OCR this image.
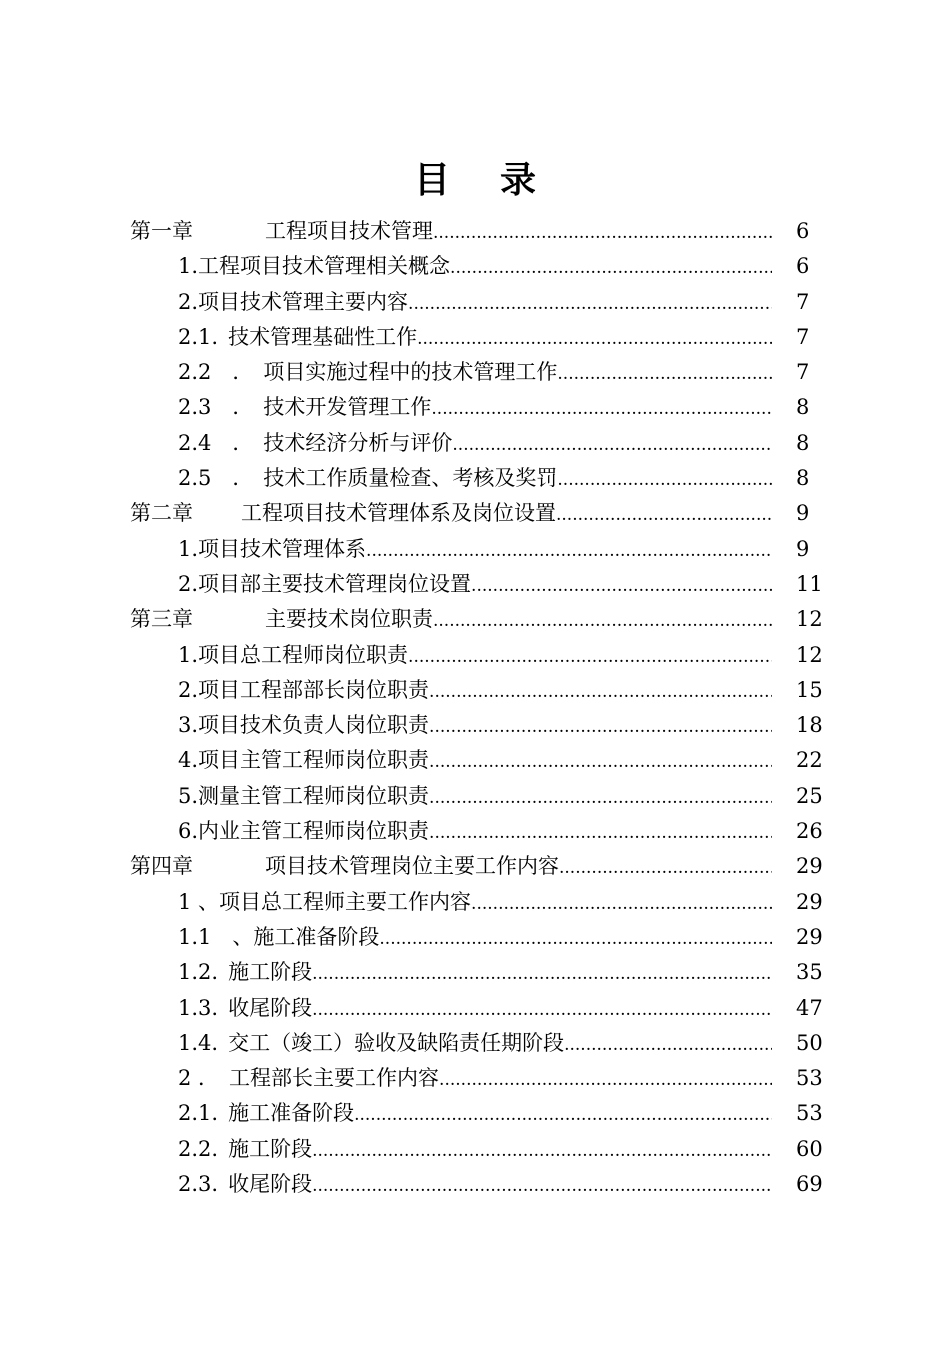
目 录
第一章	工程项目技术管理 .....	6
1. 工程项目技术管理相关概念 .....	6
2. 项目技术管理主要内容 .....	7
2.1. 技术管理基础性工作 .....	7
2.2　． 项目实施过程中的技术管理工作 .....	7
2.3　． 技术开发管理工作 .....	8
2.4　． 技术经济分析与评价 .....	8
2.5　． 技术工作质量检查、考核及奖罚 .....	8
第二章 工程项目技术管理体系及岗位设置 .....	9
1. 项目技术管理体系 .....	9
2. 项目部主要技术管理岗位设置 .....	11
第三章	主要技术岗位职责 .....	12
1. 项目总工程师岗位职责 .....	12
2. 项目工程部部长岗位职责 .....	15
3. 项目技术负责人岗位职责 .....	18
4. 项目主管工程师岗位职责 .....	22
5. 测量主管工程师岗位职责 .....	25
6. 内业主管工程师岗位职责 .....	26
第四章	项目技术管理岗位主要工作内容 .....	29
1 、 项目总工程师主要工作内容 .....	29
1.1　、 施工准备阶段 .....	29
1.2. 施工阶段 .....	35
1.3. 收尾阶段 .....	47
1.4. 交工（竣工）验收及缺陷责任期阶段 .....	50
2 ． 工程部长主要工作内容 .....	53
2.1. 施工准备阶段 .....	53
2.2. 施工阶段 .....	60
2.3. 收尾阶段 .....	69
